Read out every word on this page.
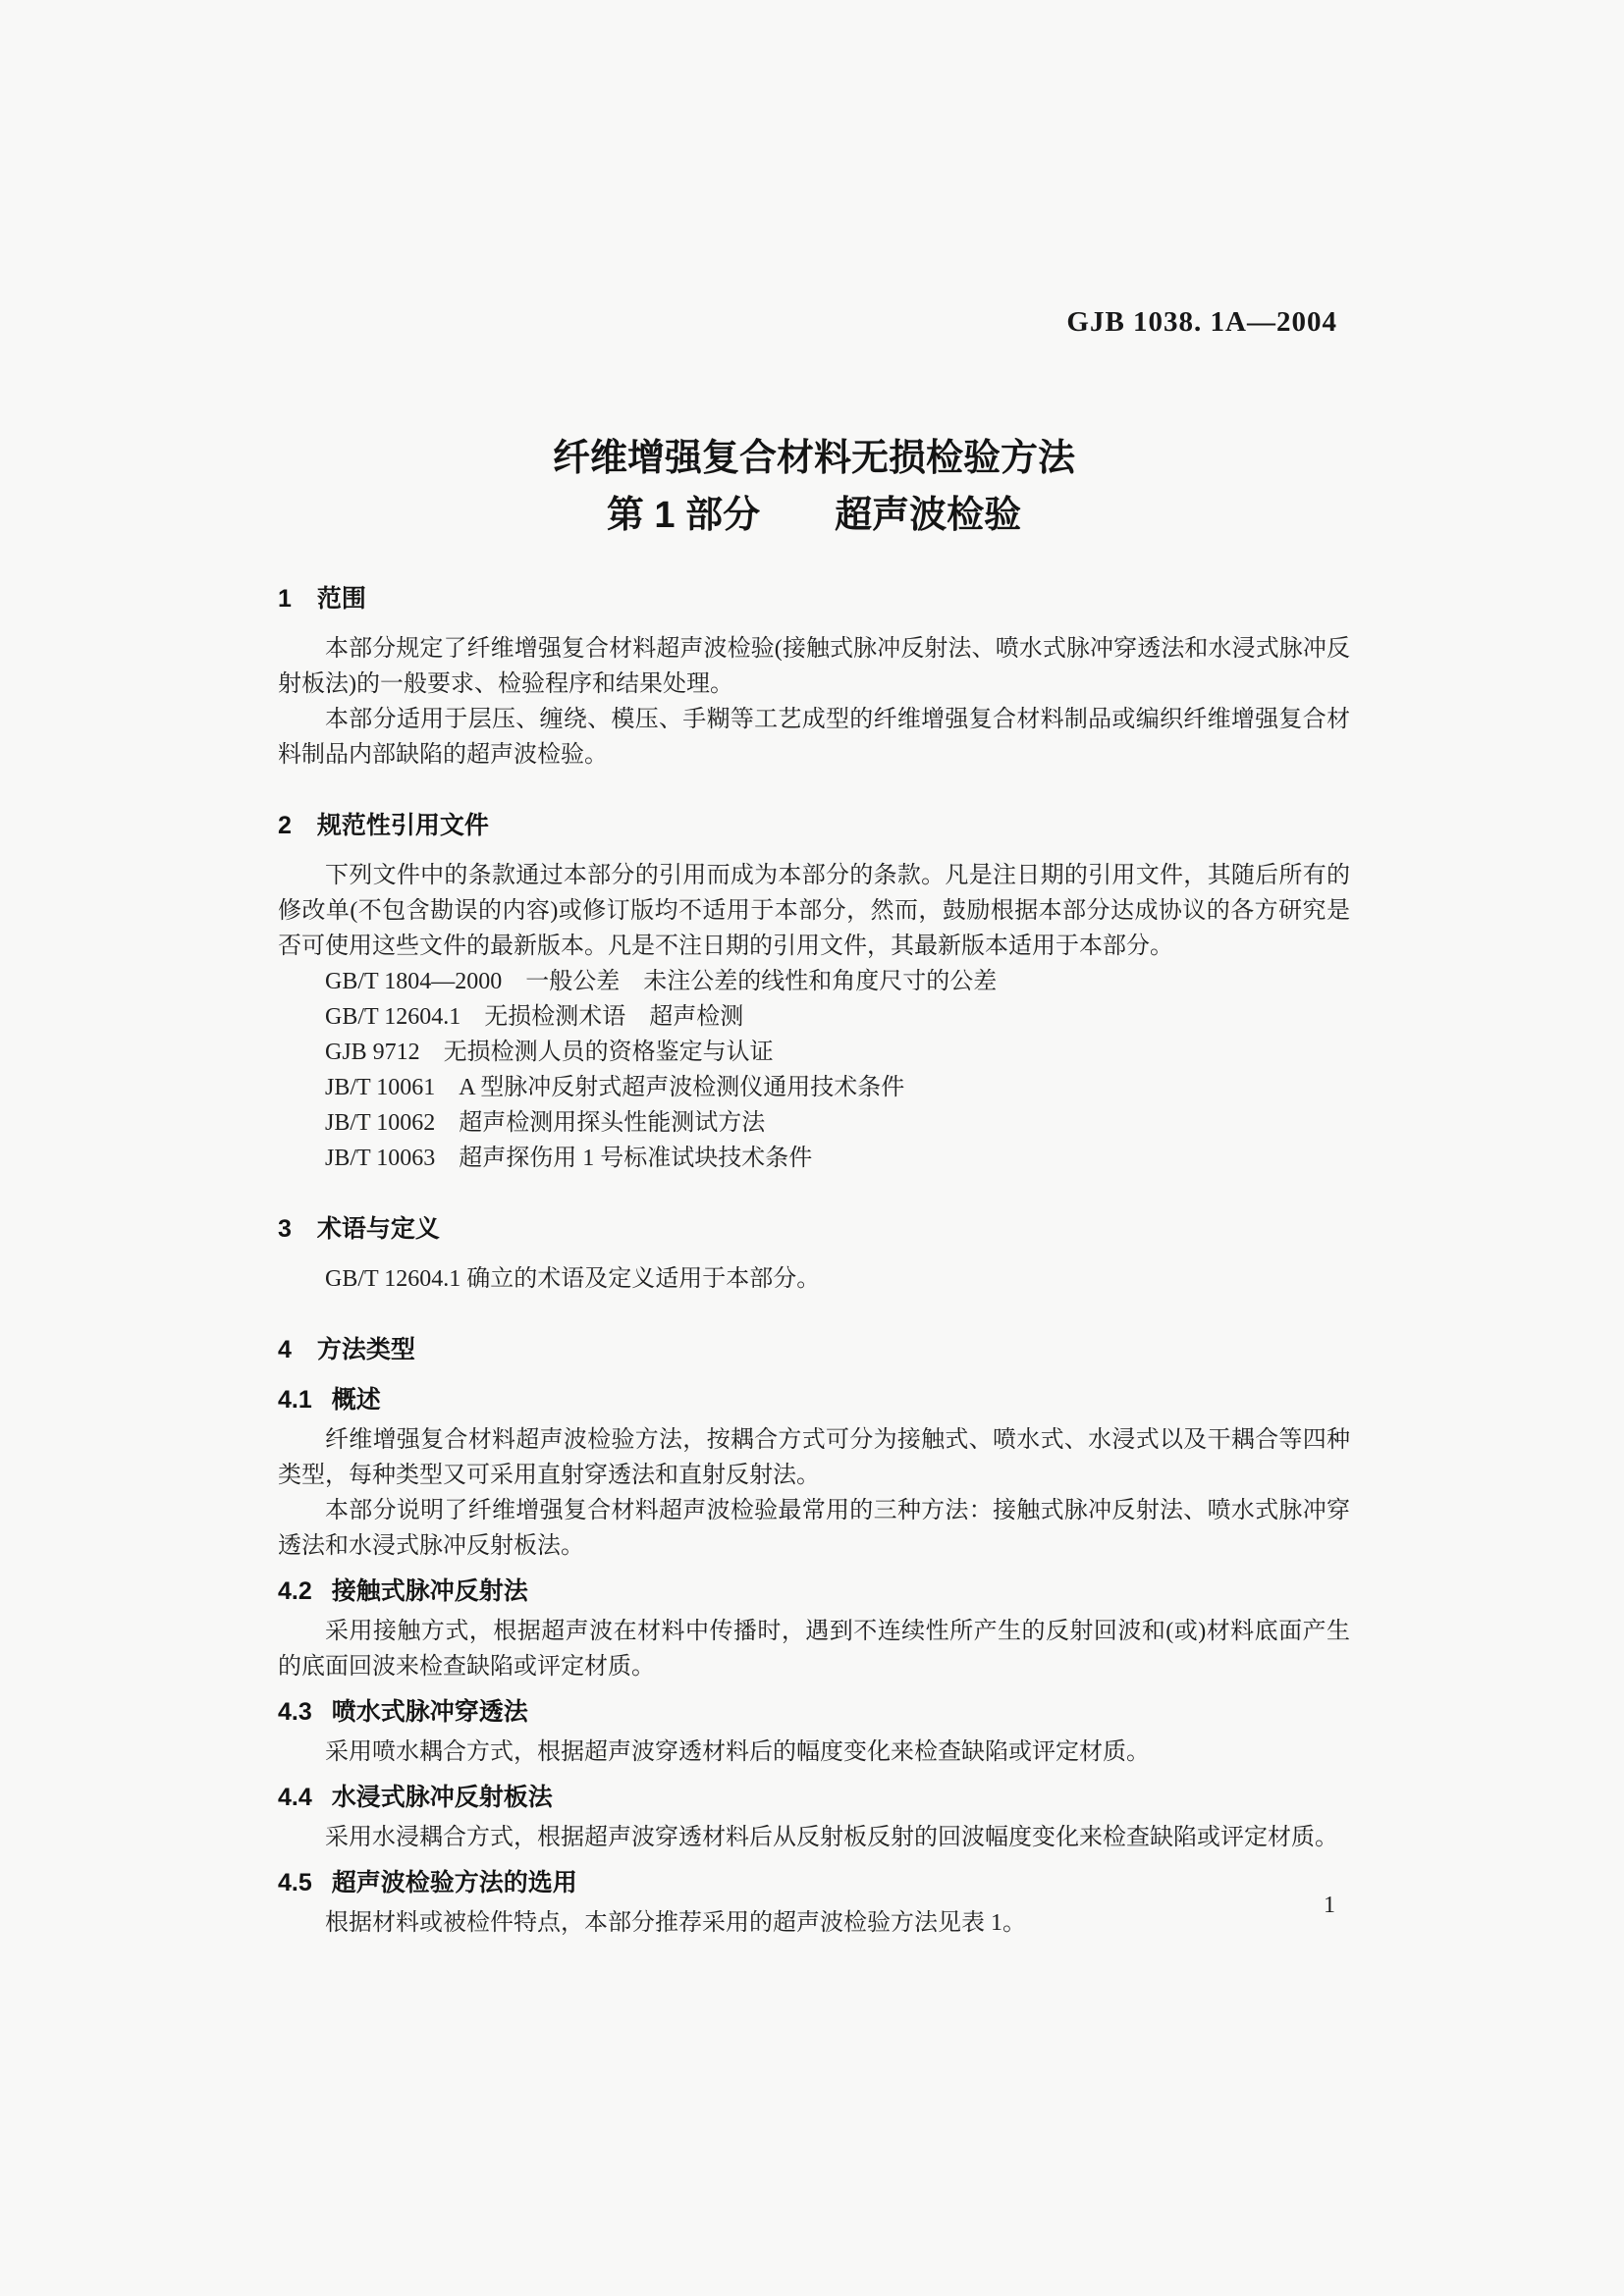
GJB 1038. 1A—2004
纤维增强复合材料无损检验方法
第 1 部分　　超声波检验
1 范围

本部分规定了纤维增强复合材料超声波检验(接触式脉冲反射法、喷水式脉冲穿透法和水浸式脉冲反射板法)的一般要求、检验程序和结果处理。

本部分适用于层压、缠绕、模压、手糊等工艺成型的纤维增强复合材料制品或编织纤维增强复合材料制品内部缺陷的超声波检验。

2 规范性引用文件

下列文件中的条款通过本部分的引用而成为本部分的条款。凡是注日期的引用文件，其随后所有的修改单(不包含勘误的内容)或修订版均不适用于本部分，然而，鼓励根据本部分达成协议的各方研究是否可使用这些文件的最新版本。凡是不注日期的引用文件，其最新版本适用于本部分。

GB/T 1804—2000　一般公差　未注公差的线性和角度尺寸的公差

GB/T 12604.1　无损检测术语　超声检测

GJB 9712　无损检测人员的资格鉴定与认证

JB/T 10061　A 型脉冲反射式超声波检测仪通用技术条件

JB/T 10062　超声检测用探头性能测试方法

JB/T 10063　超声探伤用 1 号标准试块技术条件

3 术语与定义

GB/T 12604.1 确立的术语及定义适用于本部分。

4 方法类型
4.1 概述

纤维增强复合材料超声波检验方法，按耦合方式可分为接触式、喷水式、水浸式以及干耦合等四种类型，每种类型又可采用直射穿透法和直射反射法。

本部分说明了纤维增强复合材料超声波检验最常用的三种方法：接触式脉冲反射法、喷水式脉冲穿透法和水浸式脉冲反射板法。

4.2 接触式脉冲反射法

采用接触方式，根据超声波在材料中传播时，遇到不连续性所产生的反射回波和(或)材料底面产生的底面回波来检查缺陷或评定材质。

4.3 喷水式脉冲穿透法

采用喷水耦合方式，根据超声波穿透材料后的幅度变化来检查缺陷或评定材质。

4.4 水浸式脉冲反射板法

采用水浸耦合方式，根据超声波穿透材料后从反射板反射的回波幅度变化来检查缺陷或评定材质。

4.5 超声波检验方法的选用

根据材料或被检件特点，本部分推荐采用的超声波检验方法见表 1。

1
